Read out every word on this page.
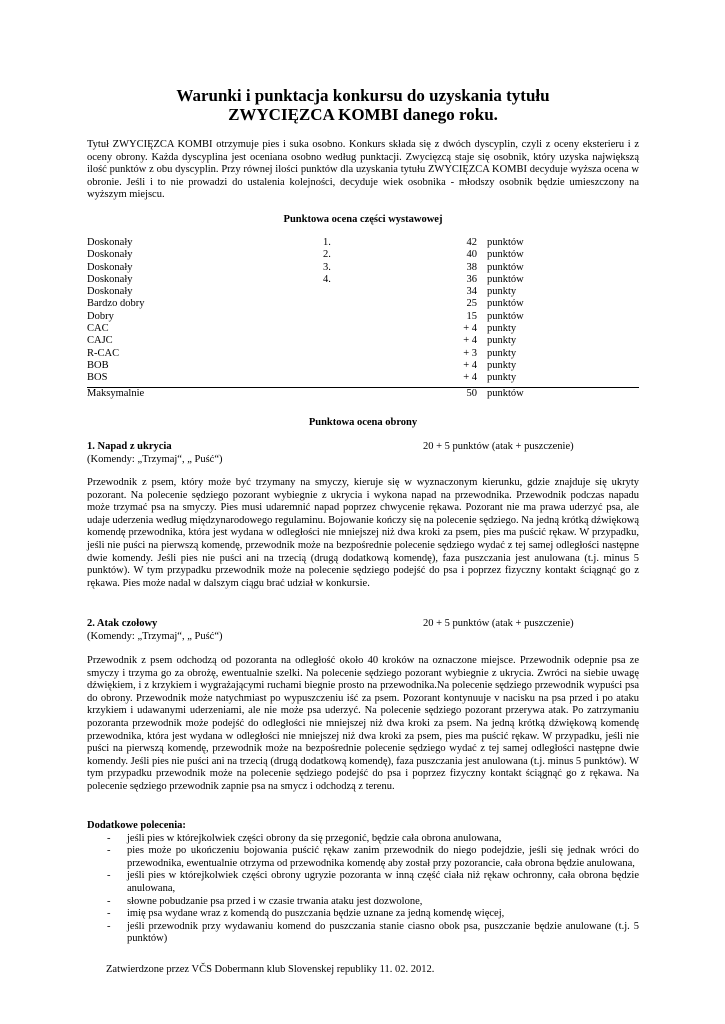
Warunki i punktacja konkursu do uzyskania tytułu
ZWYCIĘZCA KOMBI danego roku.

Tytuł ZWYCIĘZCA KOMBI otrzymuje pies i suka osobno. Konkurs składa się z dwóch dyscyplin, czyli z oceny eksterieru i z oceny obrony. Każda dyscyplina jest oceniana osobno według punktacji. Zwycięzcą staje się osobnik, który uzyska największą ilość punktów z obu dyscyplin. Przy równej ilości punktów dla uzyskania tytułu ZWYCIĘZCA KOMBI decyduje wyższa ocena w obronie. Jeśli i to nie prowadzi do ustalenia kolejności, decyduje wiek osobnika - młodszy osobnik będzie umieszczony na wyższym miejscu.

Punktowa ocena części wystawowej
Doskonały	1.	42 punktów
Doskonały	2.	40 punktów
Doskonały	3.	38 punktów
Doskonały	4.	36 punktów
Doskonały	34 punkty
Bardzo dobry	25 punktów
Dobry	15 punktów
CAC	+ 4 punkty
CAJC	+ 4 punkty
R-CAC	+ 3 punkty
BOB	+ 4 punkty
BOS	+ 4 punkty
Maksymalnie	50 punktów
Punktowa ocena obrony
1. Napad z ukrycia
(Komendy: „Trzymaj“, „ Puść“)
20 + 5 punktów (atak + puszczenie)

Przewodnik z psem, który może być trzymany na smyczy, kieruje się w wyznaczonym kierunku, gdzie znajduje się ukryty pozorant. Na polecenie sędziego pozorant wybiegnie z ukrycia i wykona napad na przewodnika. Przewodnik podczas napadu może trzymać psa na smyczy. Pies musi udaremnić napad poprzez chwycenie rękawa. Pozorant nie ma prawa uderzyć psa, ale udaje uderzenia według międzynarodowego regulaminu. Bojowanie kończy się na polecenie sędziego. Na jedną krótką dźwiękową komendę przewodnika, która jest wydana w odległości nie mniejszej niż dwa kroki za psem, pies ma puścić rękaw. W przypadku, jeśli nie puści na pierwszą komendę, przewodnik może na bezpośrednie polecenie sędziego wydać z tej samej odległości następne dwie komendy. Jeśli pies nie puści ani na trzecią (drugą dodatkową komendę), faza puszczania jest anulowana (t.j. minus 5 punktów). W tym przypadku przewodnik może na polecenie sędziego podejść do psa i poprzez fizyczny kontakt ściągnąć go z rękawa. Pies może nadal w dalszym ciągu brać udział w konkursie.

2. Atak czołowy
(Komendy: „Trzymaj“, „ Puść“)
20 + 5 punktów (atak + puszczenie)

Przewodnik z psem odchodzą od pozoranta na odległość około 40 kroków na oznaczone miejsce. Przewodnik odepnie psa ze smyczy i trzyma go za obrożę, ewentualnie szelki. Na polecenie sędziego pozorant wybiegnie z ukrycia. Zwróci na siebie uwagę dźwiękiem, i z krzykiem i wygrażającymi ruchami biegnie prosto na przewodnika.Na polecenie sędziego przewodnik wypuści psa do obrony. Przewodnik może natychmiast po wypuszczeniu iść za psem. Pozorant kontynuuje v nacisku na psa przed i po ataku krzykiem i udawanymi uderzeniami, ale nie może psa uderzyć. Na polecenie sędziego pozorant przerywa atak. Po zatrzymaniu pozoranta przewodnik może podejść do odległości nie mniejszej niż dwa kroki za psem. Na jedną krótką dźwiękową komendę przewodnika, która jest wydana w odległości nie mniejszej niż dwa kroki za psem, pies ma puścić rękaw. W przypadku, jeśli nie puści na pierwszą komendę, przewodnik może na bezpośrednie polecenie sędziego wydać z tej samej odległości następne dwie komendy. Jeśli pies nie puści ani na trzecią (drugą dodatkową komendę), faza puszczania jest anulowana (t.j. minus 5 punktów). W tym przypadku przewodnik może na polecenie sędziego podejść do psa i poprzez fizyczny kontakt ściągnąć go z rękawa. Na polecenie sędziego przewodnik zapnie psa na smycz i odchodzą z terenu.

Dodatkowe polecenia:
- jeśli pies w którejkolwiek części obrony da się przegonić, będzie cała obrona anulowana,
- pies może po ukończeniu bojowania puścić rękaw zanim przewodnik do niego podejdzie, jeśli się jednak wróci do przewodnika, ewentualnie otrzyma od przewodnika komendę aby został przy pozorancie, cała obrona będzie anulowana,
- jeśli pies w którejkolwiek części obrony ugryzie pozoranta w inną część ciała niż rękaw ochronny, cała obrona będzie anulowana,
- słowne pobudzanie psa przed i w czasie trwania ataku jest dozwolone,
- imię psa wydane wraz z komendą do puszczania będzie uznane za jedną komendę więcej,
- jeśli przewodnik przy wydawaniu komend do puszczania stanie ciasno obok psa, puszczanie będzie anulowane (t.j. 5 punktów)
Zatwierdzone przez VČS Dobermann klub Slovenskej republiky 11. 02. 2012.
